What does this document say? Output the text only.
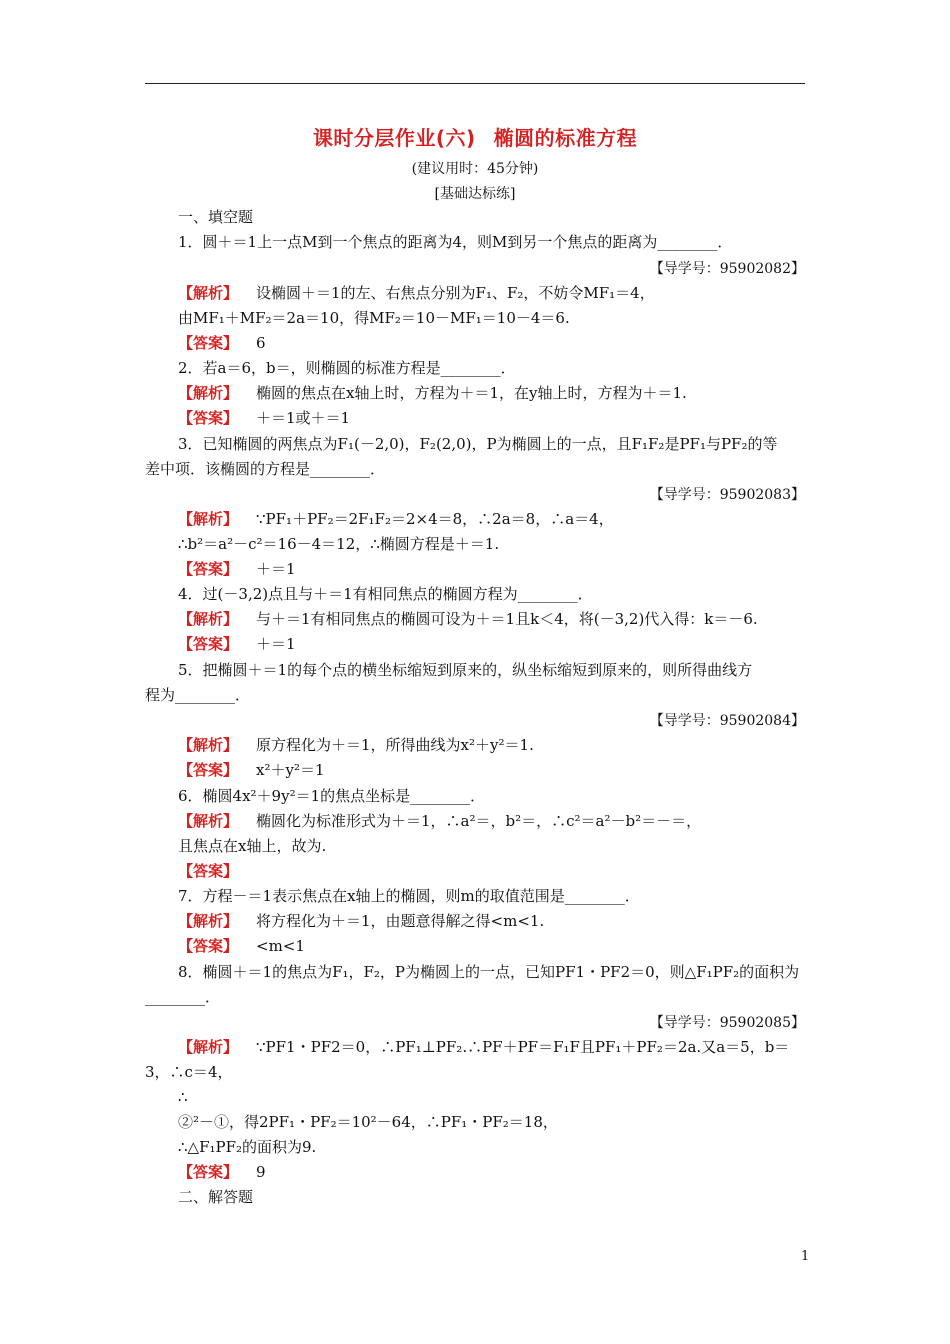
课时分层作业(六) 椭圆的标准方程
(建议用时：45分钟)
[基础达标练]
一、填空题
1．圆＋＝1上一点M到一个焦点的距离为4，则M到另一个焦点的距离为________．
【导学号：95902082】
【解析】 设椭圆＋＝1的左、右焦点分别为F₁、F₂，不妨令MF₁＝4，
由MF₁＋MF₂＝2a＝10，得MF₂＝10－MF₁＝10－4＝6.
【答案】 6
2．若a＝6，b＝，则椭圆的标准方程是________．
【解析】 椭圆的焦点在x轴上时，方程为＋＝1，在y轴上时，方程为＋＝1.
【答案】 ＋＝1或＋＝1
3．已知椭圆的两焦点为F₁(－2,0)，F₂(2,0)，P为椭圆上的一点，且F₁F₂是PF₁与PF₂的等
差中项．该椭圆的方程是________．
【导学号：95902083】
【解析】 ∵PF₁＋PF₂＝2F₁F₂＝2×4＝8，∴2a＝8，∴a＝4，
∴b²＝a²－c²＝16－4＝12，∴椭圆方程是＋＝1.
【答案】 ＋＝1
4．过(－3,2)点且与＋＝1有相同焦点的椭圆方程为________．
【解析】 与＋＝1有相同焦点的椭圆可设为＋＝1且k＜4，将(－3,2)代入得：k＝－6.
【答案】 ＋＝1
5．把椭圆＋＝1的每个点的横坐标缩短到原来的，纵坐标缩短到原来的，则所得曲线方
程为________．
【导学号：95902084】
【解析】 原方程化为＋＝1，所得曲线为x²＋y²＝1.
【答案】 x²＋y²＝1
6．椭圆4x²＋9y²＝1的焦点坐标是________．
【解析】 椭圆化为标准形式为＋＝1，∴a²＝，b²＝，∴c²＝a²－b²＝－＝，
且焦点在x轴上，故为.
【答案】
7．方程－＝1表示焦点在x轴上的椭圆，则m的取值范围是________．
【解析】 将方程化为＋＝1，由题意得解之得<m<1.
【答案】 <m<1
8．椭圆＋＝1的焦点为F₁，F₂，P为椭圆上的一点，已知PF1・PF2＝0，则△F₁PF₂的面积为
________．
【导学号：95902085】
【解析】 ∵PF1・PF2＝0，∴PF₁⊥PF₂.∴PF＋PF＝F₁F且PF₁＋PF₂＝2a.又a＝5，b＝
3，∴c＝4，
∴
②²－①，得2PF₁・PF₂＝10²－64，∴PF₁・PF₂＝18，
∴△F₁PF₂的面积为9.
【答案】 9
二、解答题
1
